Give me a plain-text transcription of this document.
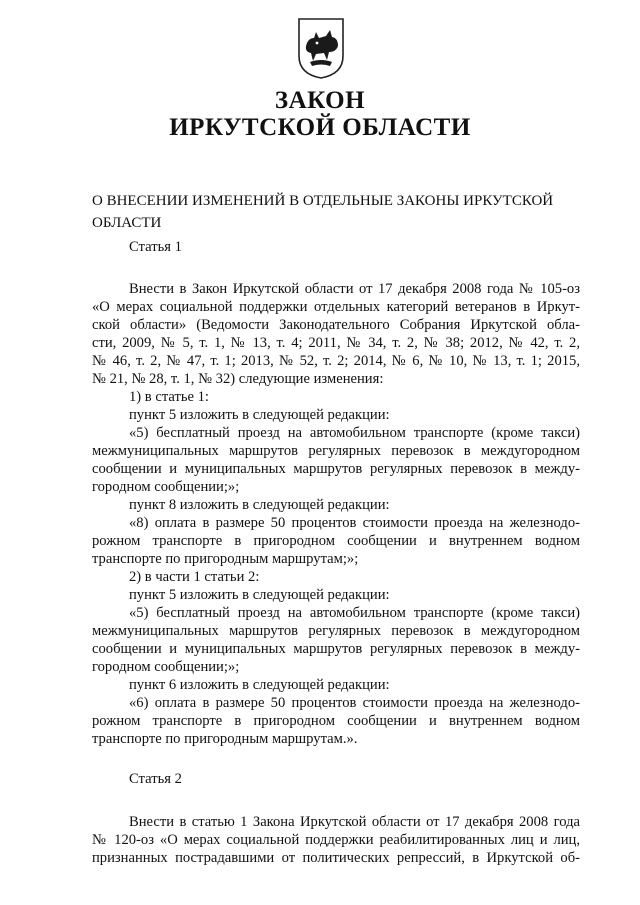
ЗАКОН
ИРКУТСКОЙ ОБЛАСТИ
О ВНЕСЕНИИ ИЗМЕНЕНИЙ В ОТДЕЛЬНЫЕ ЗАКОНЫ ИРКУТСКОЙ ОБЛАСТИ
Статья 1
Внести в Закон Иркутской области от 17 декабря 2008 года № 105-оз
«О мерах социальной поддержки отдельных категорий ветеранов в Иркут-
ской области» (Ведомости Законодательного Собрания Иркутской обла-
сти, 2009, № 5, т. 1, № 13, т. 4; 2011, № 34, т. 2, № 38; 2012, № 42, т. 2,
№ 46, т. 2, № 47, т. 1; 2013, № 52, т. 2; 2014, № 6, № 10, № 13, т. 1; 2015,
№ 21, № 28, т. 1, № 32) следующие изменения:
1) в статье 1:
пункт 5 изложить в следующей редакции:
«5) бесплатный проезд на автомобильном транспорте (кроме такси)
межмуниципальных маршрутов регулярных перевозок в междугородном
сообщении и муниципальных маршрутов регулярных перевозок в между-
городном сообщении;»;
пункт 8 изложить в следующей редакции:
«8) оплата в размере 50 процентов стоимости проезда на железнодо-
рожном транспорте в пригородном сообщении и внутреннем водном
транспорте по пригородным маршрутам;»;
2) в части 1 статьи 2:
пункт 5 изложить в следующей редакции:
«5) бесплатный проезд на автомобильном транспорте (кроме такси)
межмуниципальных маршрутов регулярных перевозок в междугородном
сообщении и муниципальных маршрутов регулярных перевозок в между-
городном сообщении;»;
пункт 6 изложить в следующей редакции:
«6) оплата в размере 50 процентов стоимости проезда на железнодо-
рожном транспорте в пригородном сообщении и внутреннем водном
транспорте по пригородным маршрутам.».
Статья 2
Внести в статью 1 Закона Иркутской области от 17 декабря 2008 года
№ 120-оз «О мерах социальной поддержки реабилитированных лиц и лиц,
признанных пострадавшими от политических репрессий, в Иркутской об-
